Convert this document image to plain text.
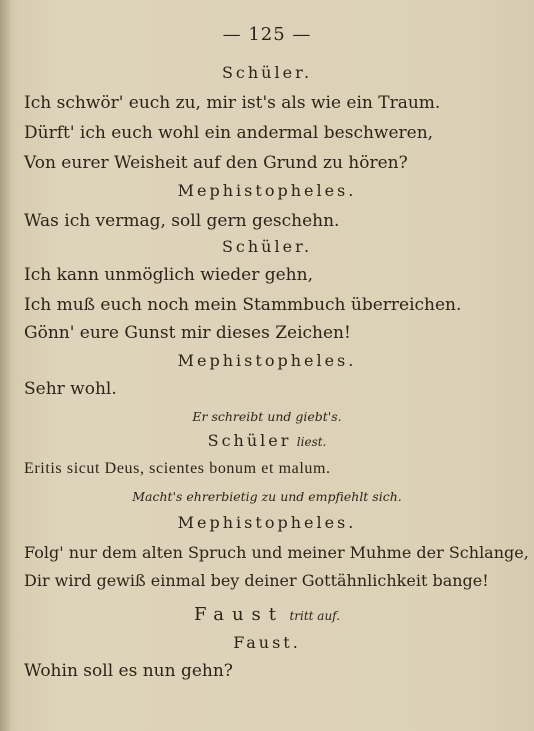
— 125 —
Schüler.
Ich schwör' euch zu, mir ist's als wie ein Traum.
Dürft' ich euch wohl ein andermal beschweren,
Von eurer Weisheit auf den Grund zu hören?
Mephistopheles.
Was ich vermag, soll gern geschehn.
Schüler.
Ich kann unmöglich wieder gehn,
Ich muß euch noch mein Stammbuch überreichen.
Gönn' eure Gunst mir dieses Zeichen!
Mephistopheles.
Sehr wohl.
Er schreibt und giebt's.
Schüler liest.
Eritis sicut Deus, scientes bonum et malum.
Macht's ehrerbietig zu und empfiehlt sich.
Mephistopheles.
Folg' nur dem alten Spruch und meiner Muhme der Schlange,
Dir wird gewiß einmal bey deiner Gottähnlichkeit bange!
Faust tritt auf.
Faust.
Wohin soll es nun gehn?
